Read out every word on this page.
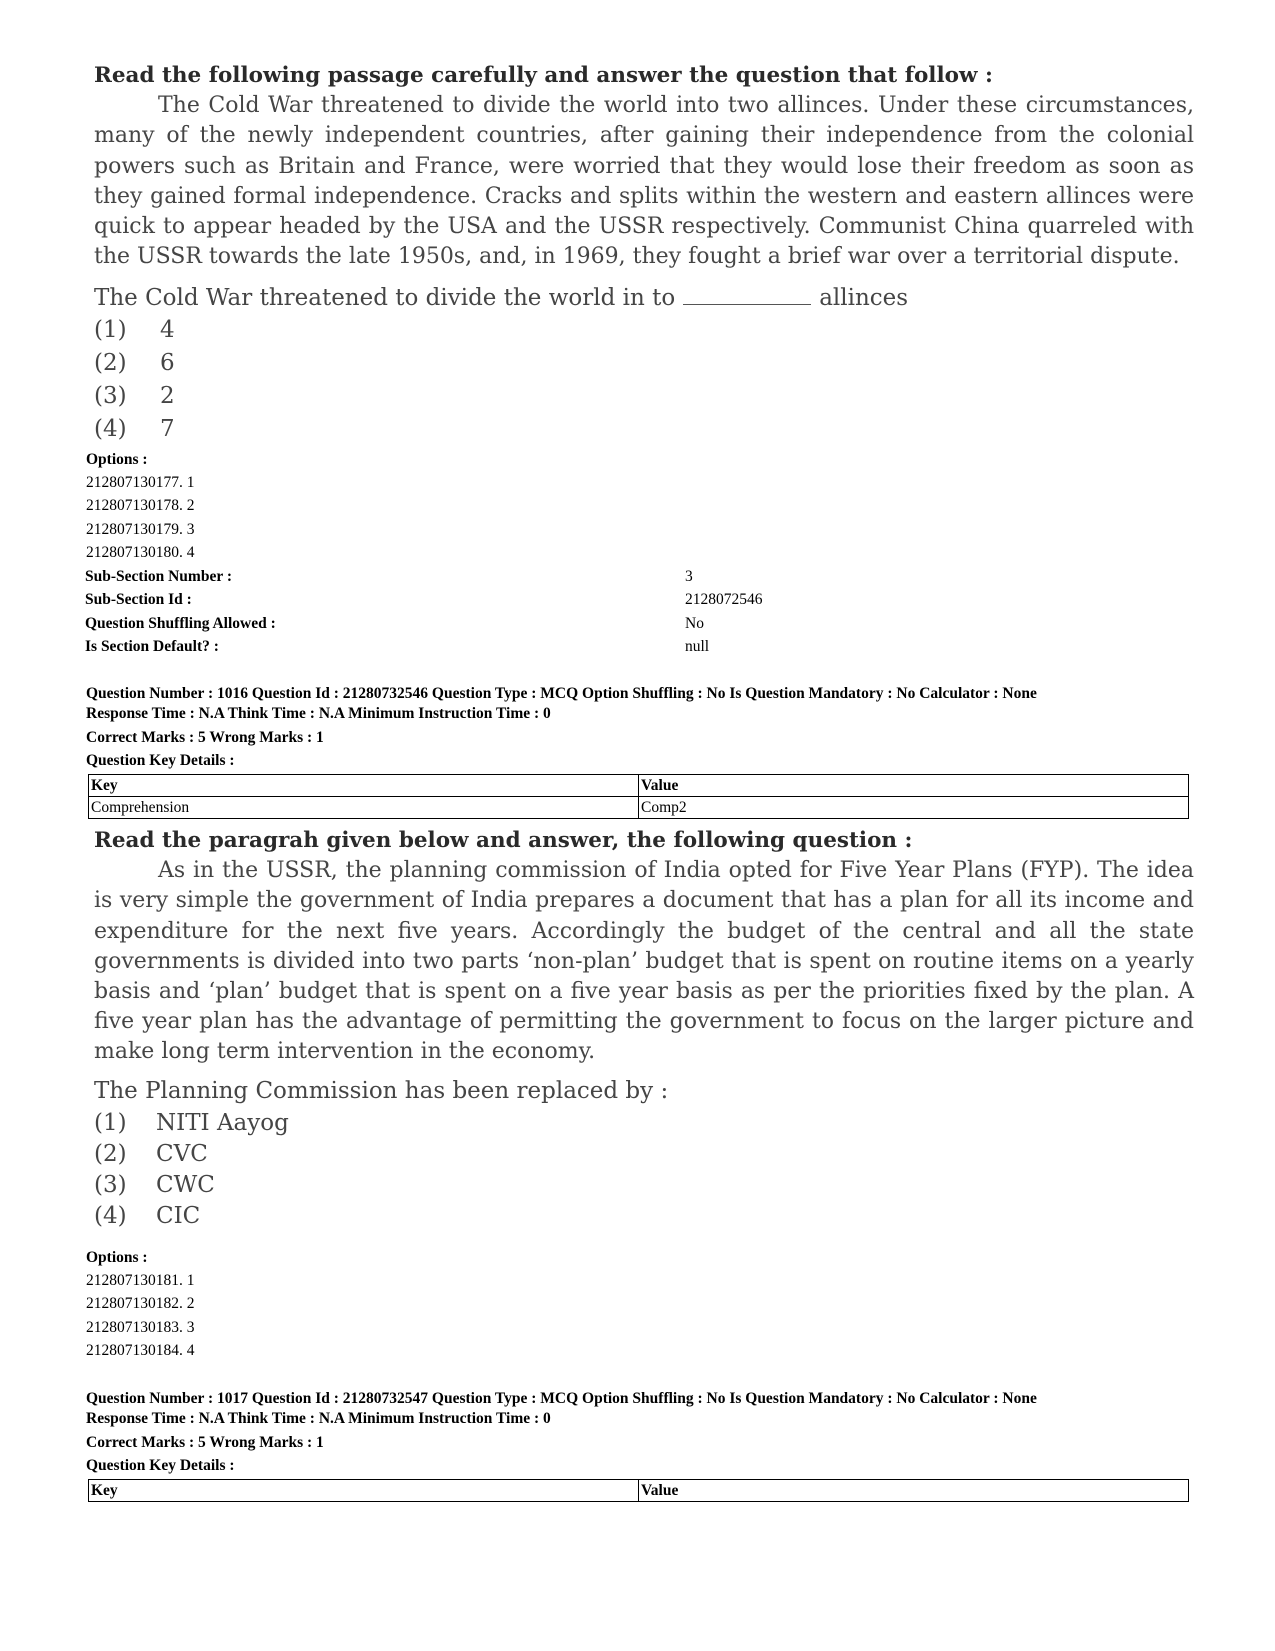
Read the following passage carefully and answer the question that follow :

The Cold War threatened to divide the world into two allinces. Under these circumstances, many of the newly independent countries, after gaining their independence from the colonial powers such as Britain and France, were worried that they would lose their freedom as soon as they gained formal independence. Cracks and splits within the western and eastern allinces were quick to appear headed by the USA and the USSR respectively. Communist China quarreled with the USSR towards the late 1950s, and, in 1969, they fought a brief war over a territorial dispute.

The Cold War threatened to divide the world in to	allinces
(1)	4
(2)	6
(3)	2
(4)	7
Options :
212807130177. 1
212807130178. 2
212807130179. 3
212807130180. 4
Sub-Section Number :	3
Sub-Section Id :	2128072546
Question Shuffling Allowed :	No
Is Section Default? :	null
Question Number : 1016 Question Id : 21280732546 Question Type : MCQ Option Shuffling : No Is Question Mandatory : No Calculator : None
Response Time : N.A Think Time : N.A Minimum Instruction Time : 0
Correct Marks : 5 Wrong Marks : 1
Question Key Details :
Key	Value
Comprehension	Comp2
Read the paragrah given below and answer, the following question :

As in the USSR, the planning commission of India opted for Five Year Plans (FYP). The idea is very simple the government of India prepares a document that has a plan for all its income and expenditure for the next five years. Accordingly the budget of the central and all the state governments is divided into two parts ‘non-plan’ budget that is spent on routine items on a yearly basis and ‘plan’ budget that is spent on a five year basis as per the priorities fixed by the plan. A five year plan has the advantage of permitting the government to focus on the larger picture and make long term intervention in the economy.

The Planning Commission has been replaced by :
(1)	NITI Aayog
(2)	CVC
(3)	CWC
(4)	CIC
Options :
212807130181. 1
212807130182. 2
212807130183. 3
212807130184. 4
Question Number : 1017 Question Id : 21280732547 Question Type : MCQ Option Shuffling : No Is Question Mandatory : No Calculator : None
Response Time : N.A Think Time : N.A Minimum Instruction Time : 0
Correct Marks : 5 Wrong Marks : 1
Question Key Details :
Key	Value
